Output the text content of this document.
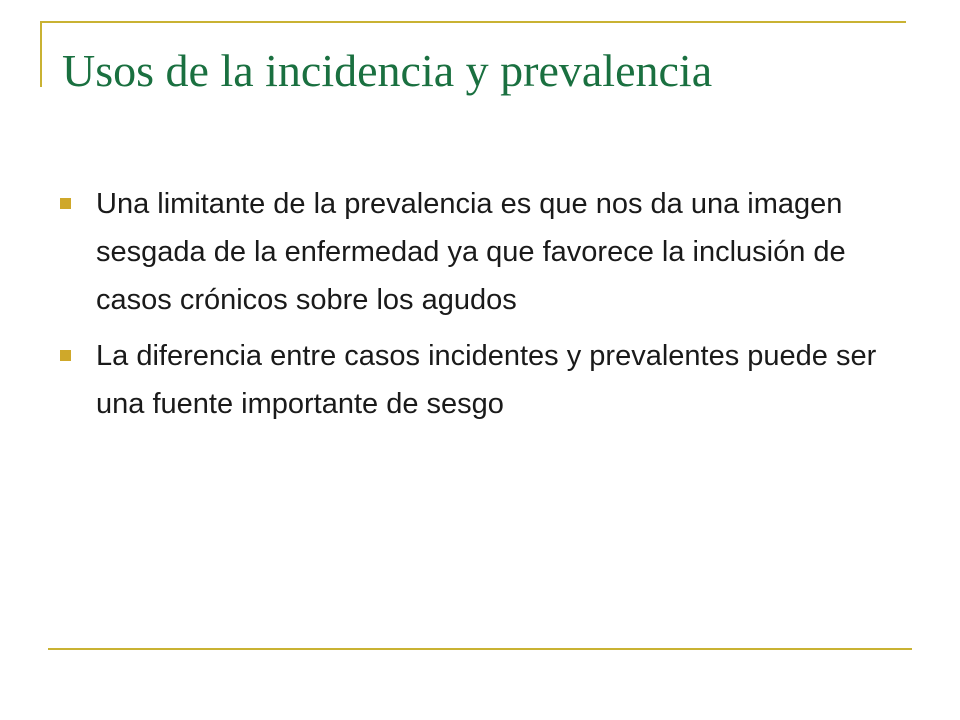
Usos de la incidencia y prevalencia
Una limitante de la prevalencia es que nos da una imagen sesgada de la enfermedad ya que favorece la inclusión de casos crónicos sobre los agudos
La diferencia entre casos incidentes y prevalentes puede ser una fuente importante de sesgo
